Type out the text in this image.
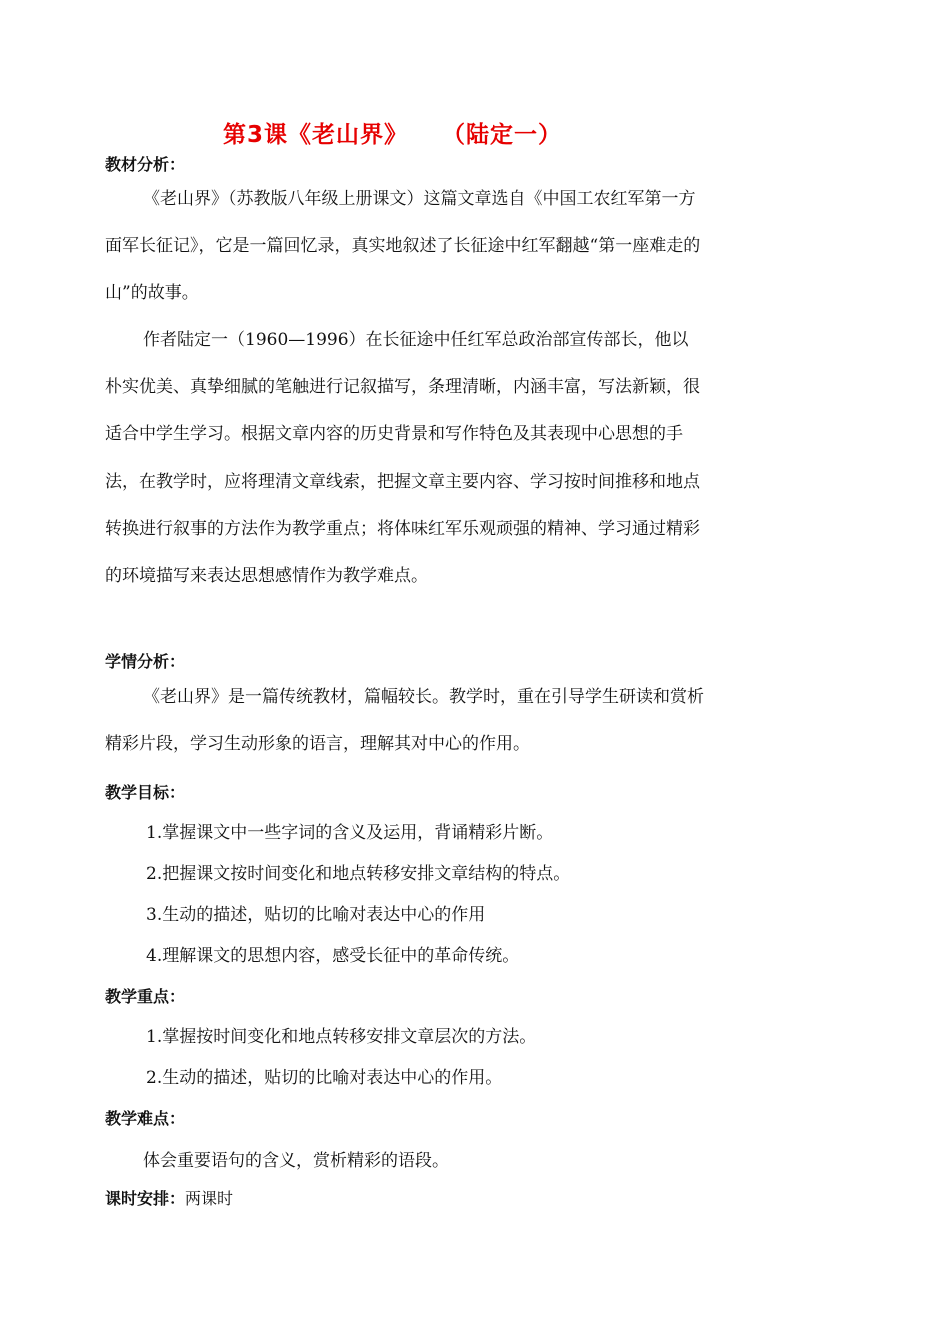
第3课《老山界》 （陆定一）
教材分析：

《老山界》（苏教版八年级上册课文）这篇文章选自《中国工农红军第一方面军长征记》，它是一篇回忆录，真实地叙述了长征途中红军翻越“第一座难走的山”的故事。

作者陆定一（1960—1996）在长征途中任红军总政治部宣传部长，他以朴实优美、真挚细腻的笔触进行记叙描写，条理清晰，内涵丰富，写法新颖，很适合中学生学习。根据文章内容的历史背景和写作特色及其表现中心思想的手法，在教学时，应将理清文章线索，把握文章主要内容、学习按时间推移和地点转换进行叙事的方法作为教学重点；将体味红军乐观顽强的精神、学习通过精彩的环境描写来表达思想感情作为教学难点。

学情分析：

《老山界》是一篇传统教材，篇幅较长。教学时，重在引导学生研读和赏析精彩片段，学习生动形象的语言，理解其对中心的作用。

教学目标：
1.掌握课文中一些字词的含义及运用，背诵精彩片断。
2.把握课文按时间变化和地点转移安排文章结构的特点。
3.生动的描述，贴切的比喻对表达中心的作用
4.理解课文的思想内容，感受长征中的革命传统。
教学重点：
1.掌握按时间变化和地点转移安排文章层次的方法。
2.生动的描述，贴切的比喻对表达中心的作用。
教学难点：
体会重要语句的含义，赏析精彩的语段。
课时安排：两课时
